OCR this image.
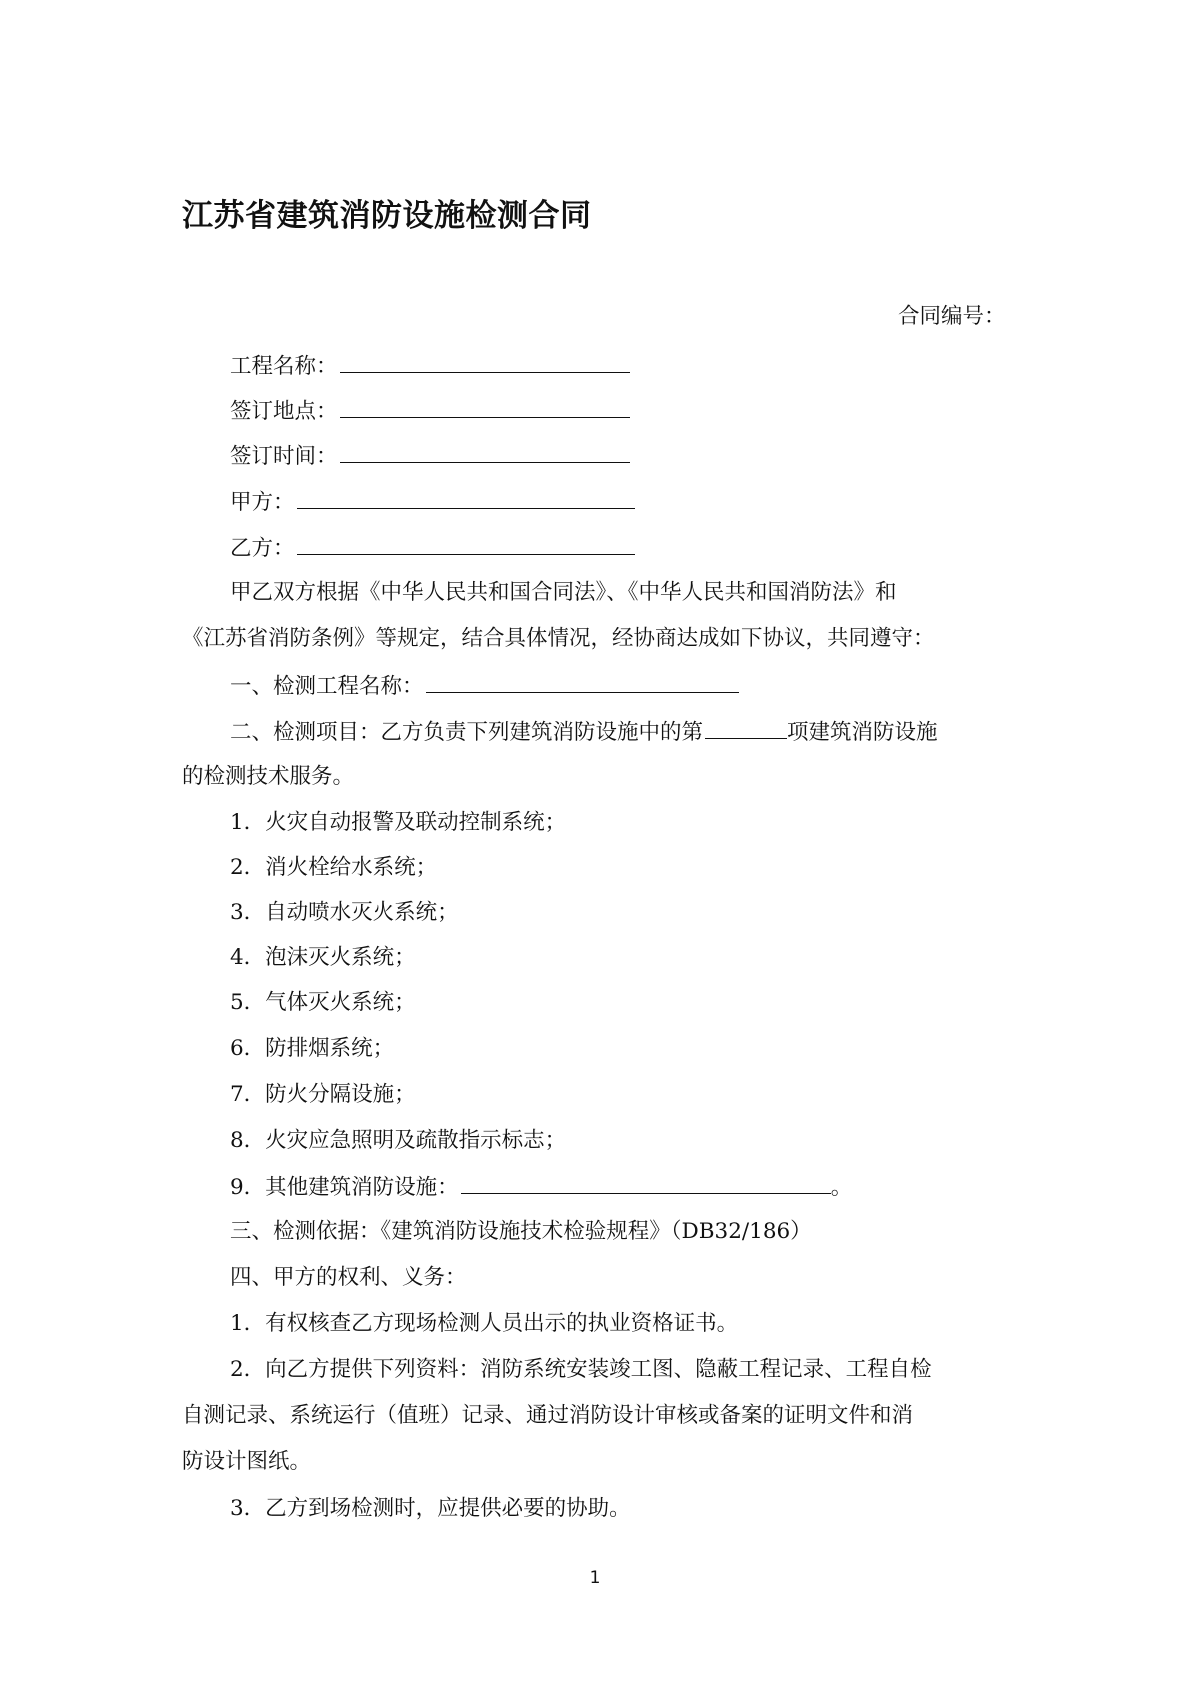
江苏省建筑消防设施检测合同
合同编号：
工程名称：
签订地点：
签订时间：
甲方：
乙方：
甲乙双方根据《中华人民共和国合同法》、《中华人民共和国消防法》和
《江苏省消防条例》等规定，结合具体情况，经协商达成如下协议，共同遵守：
一、检测工程名称：
二、检测项目：乙方负责下列建筑消防设施中的第	项建筑消防设施
的检测技术服务。
1．火灾自动报警及联动控制系统；
2．消火栓给水系统；
3．自动喷水灭火系统；
4．泡沫灭火系统；
5．气体灭火系统；
6．防排烟系统；
7．防火分隔设施；
8．火灾应急照明及疏散指示标志；
9．其他建筑消防设施：	。
三、检测依据：《建筑消防设施技术检验规程》（DB32/186）
四、甲方的权利、义务：
1．有权核查乙方现场检测人员出示的执业资格证书。
2．向乙方提供下列资料：消防系统安装竣工图、隐蔽工程记录、工程自检
自测记录、系统运行（值班）记录、通过消防设计审核或备案的证明文件和消
防设计图纸。
3．乙方到场检测时，应提供必要的协助。
1
